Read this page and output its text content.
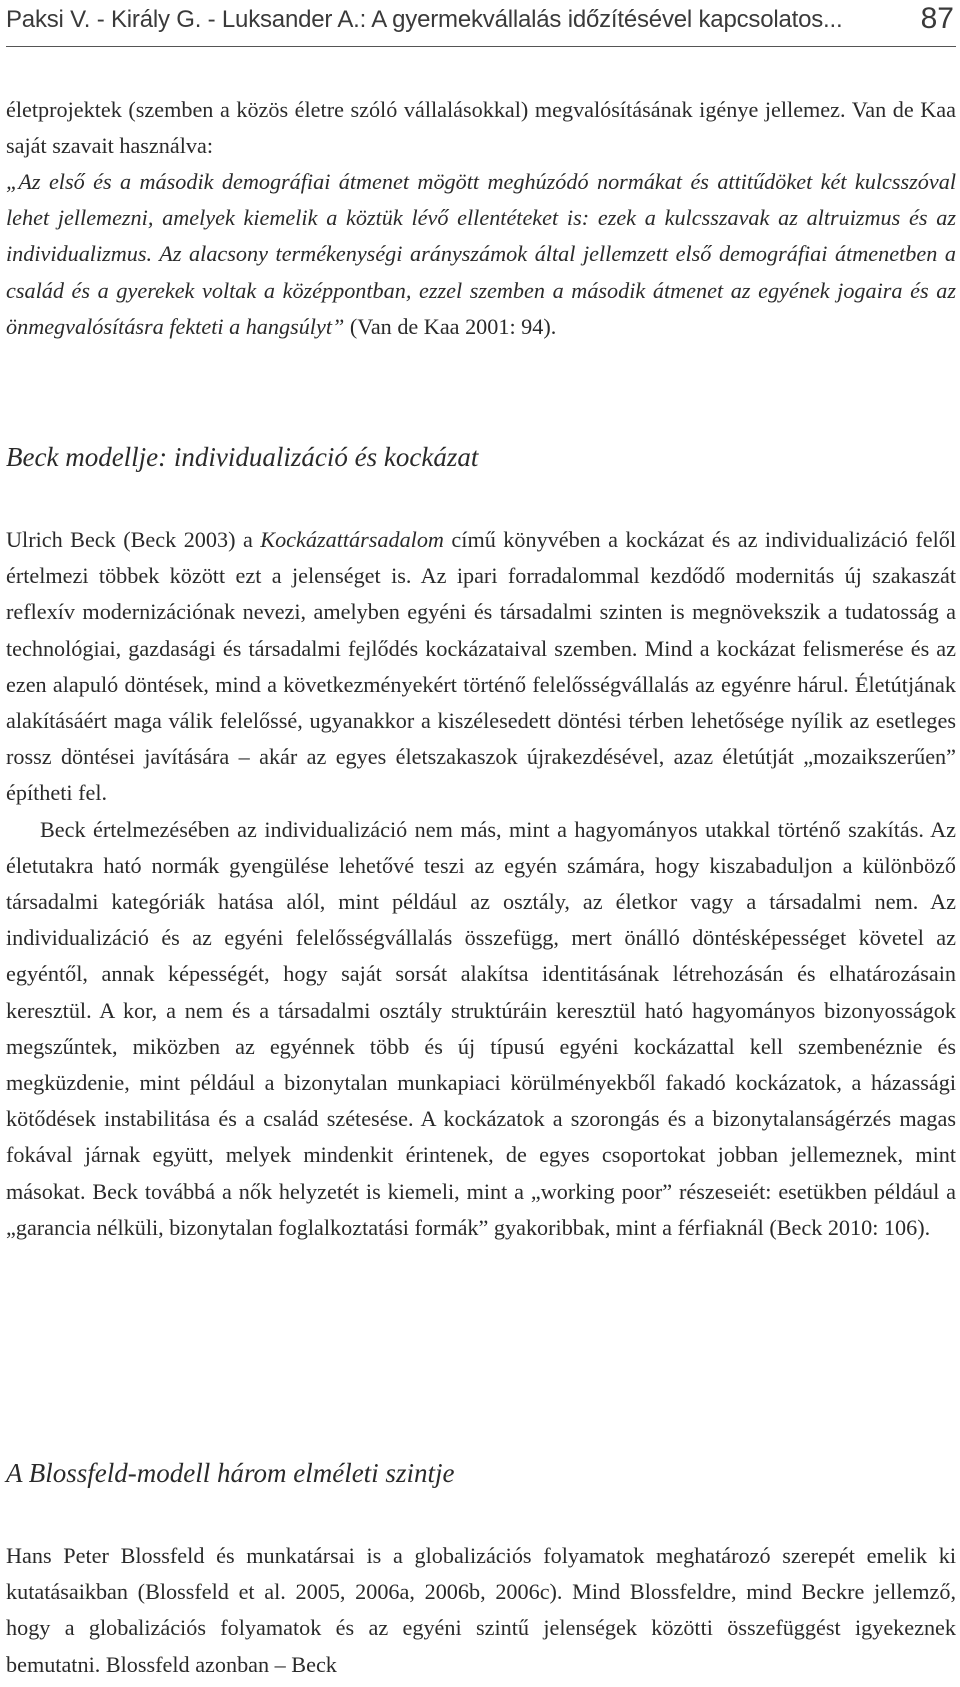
Paksi V. - Király G. - Luksander A.: A gyermekvállalás időzítésével kapcsolatos...	87

életprojektek (szemben a közös életre szóló vállalásokkal) megvalósításának igénye jellemez. Van de Kaa saját szavait használva:

„Az első és a második demográfiai átmenet mögött meghúzódó normákat és attitűdöket két kulcsszóval lehet jellemezni, amelyek kiemelik a köztük lévő ellentéteket is: ezek a kulcsszavak az altruizmus és az individualizmus. Az alacsony termékenységi arányszámok által jellemzett első demográfiai átmenetben a család és a gyerekek voltak a középpontban, ezzel szemben a második átmenet az egyének jogaira és az önmegvalósításra fekteti a hangsúlyt” (Van de Kaa 2001: 94).

Beck modellje: individualizáció és kockázat

Ulrich Beck (Beck 2003) a Kockázattársadalom című könyvében a kockázat és az individualizáció felől értelmezi többek között ezt a jelenséget is. Az ipari forradalommal kezdődő modernitás új szakaszát reflexív modernizációnak nevezi, amelyben egyéni és társadalmi szinten is megnövekszik a tudatosság a technológiai, gazdasági és társadalmi fejlődés kockázataival szemben. Mind a kockázat felismerése és az ezen alapuló döntések, mind a következményekért történő felelősségvállalás az egyénre hárul. Életútjának alakításáért maga válik felelőssé, ugyanakkor a kiszélesedett döntési térben lehetősége nyílik az esetleges rossz döntései javítására – akár az egyes életszakaszok újrakezdésével, azaz életútját „mozaikszerűen” építheti fel.

Beck értelmezésében az individualizáció nem más, mint a hagyományos utakkal történő szakítás. Az életutakra ható normák gyengülése lehetővé teszi az egyén számára, hogy kiszabaduljon a különböző társadalmi kategóriák hatása alól, mint például az osztály, az életkor vagy a társadalmi nem. Az individualizáció és az egyéni felelősségvállalás összefügg, mert önálló döntésképességet követel az egyéntől, annak képességét, hogy saját sorsát alakítsa identitásának létrehozásán és elhatározásain keresztül. A kor, a nem és a társadalmi osztály struktúráin keresztül ható hagyományos bizonyosságok megszűntek, miközben az egyénnek több és új típusú egyéni kockázattal kell szembenéznie és megküzdenie, mint például a bizonytalan munkapiaci körülményekből fakadó kockázatok, a házassági kötődések instabilitása és a család szétesése. A kockázatok a szorongás és a bizonytalanságérzés magas fokával járnak együtt, melyek mindenkit érintenek, de egyes csoportokat jobban jellemeznek, mint másokat. Beck továbbá a nők helyzetét is kiemeli, mint a „working poor” részeseiét: esetükben például a „garancia nélküli, bizonytalan foglalkoztatási formák” gyakoribbak, mint a férfiaknál (Beck 2010: 106).

A Blossfeld-modell három elméleti szintje

Hans Peter Blossfeld és munkatársai is a globalizációs folyamatok meghatározó szerepét emelik ki kutatásaikban (Blossfeld et al. 2005, 2006a, 2006b, 2006c). Mind Blossfeldre, mind Beckre jellemző, hogy a globalizációs folyamatok és az egyéni szintű jelenségek közötti összefüggést igyekeznek bemutatni. Blossfeld azonban – Beck
